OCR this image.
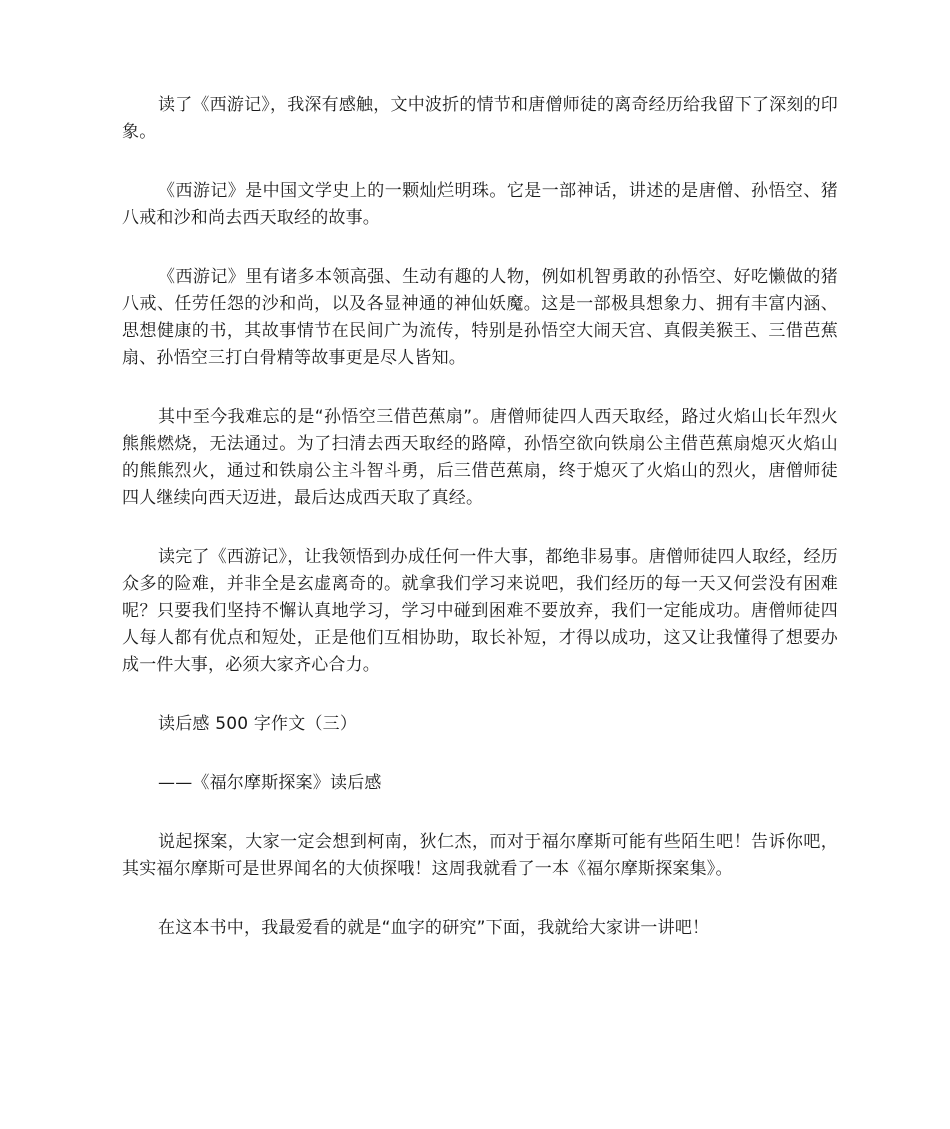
读了《西游记》，我深有感触，文中波折的情节和唐僧师徒的离奇经历给我留下了深刻的印象。

《西游记》是中国文学史上的一颗灿烂明珠。它是一部神话，讲述的是唐僧、孙悟空、猪八戒和沙和尚去西天取经的故事。

《西游记》里有诸多本领高强、生动有趣的人物，例如机智勇敢的孙悟空、好吃懒做的猪八戒、任劳任怨的沙和尚，以及各显神通的神仙妖魔。这是一部极具想象力、拥有丰富内涵、思想健康的书，其故事情节在民间广为流传，特别是孙悟空大闹天宫、真假美猴王、三借芭蕉扇、孙悟空三打白骨精等故事更是尽人皆知。

其中至今我难忘的是“孙悟空三借芭蕉扇”。唐僧师徒四人西天取经，路过火焰山长年烈火熊熊燃烧，无法通过。为了扫清去西天取经的路障，孙悟空欲向铁扇公主借芭蕉扇熄灭火焰山的熊熊烈火，通过和铁扇公主斗智斗勇，后三借芭蕉扇，终于熄灭了火焰山的烈火，唐僧师徒四人继续向西天迈进，最后达成西天取了真经。

读完了《西游记》，让我领悟到办成任何一件大事，都绝非易事。唐僧师徒四人取经，经历众多的险难，并非全是玄虚离奇的。就拿我们学习来说吧，我们经历的每一天又何尝没有困难呢？只要我们坚持不懈认真地学习，学习中碰到困难不要放弃，我们一定能成功。唐僧师徒四人每人都有优点和短处，正是他们互相协助，取长补短，才得以成功，这又让我懂得了想要办成一件大事，必须大家齐心合力。

读后感 500 字作文（三）

——《福尔摩斯探案》读后感

说起探案，大家一定会想到柯南，狄仁杰，而对于福尔摩斯可能有些陌生吧！告诉你吧，其实福尔摩斯可是世界闻名的大侦探哦！这周我就看了一本《福尔摩斯探案集》。

在这本书中，我最爱看的就是“血字的研究”下面，我就给大家讲一讲吧！
